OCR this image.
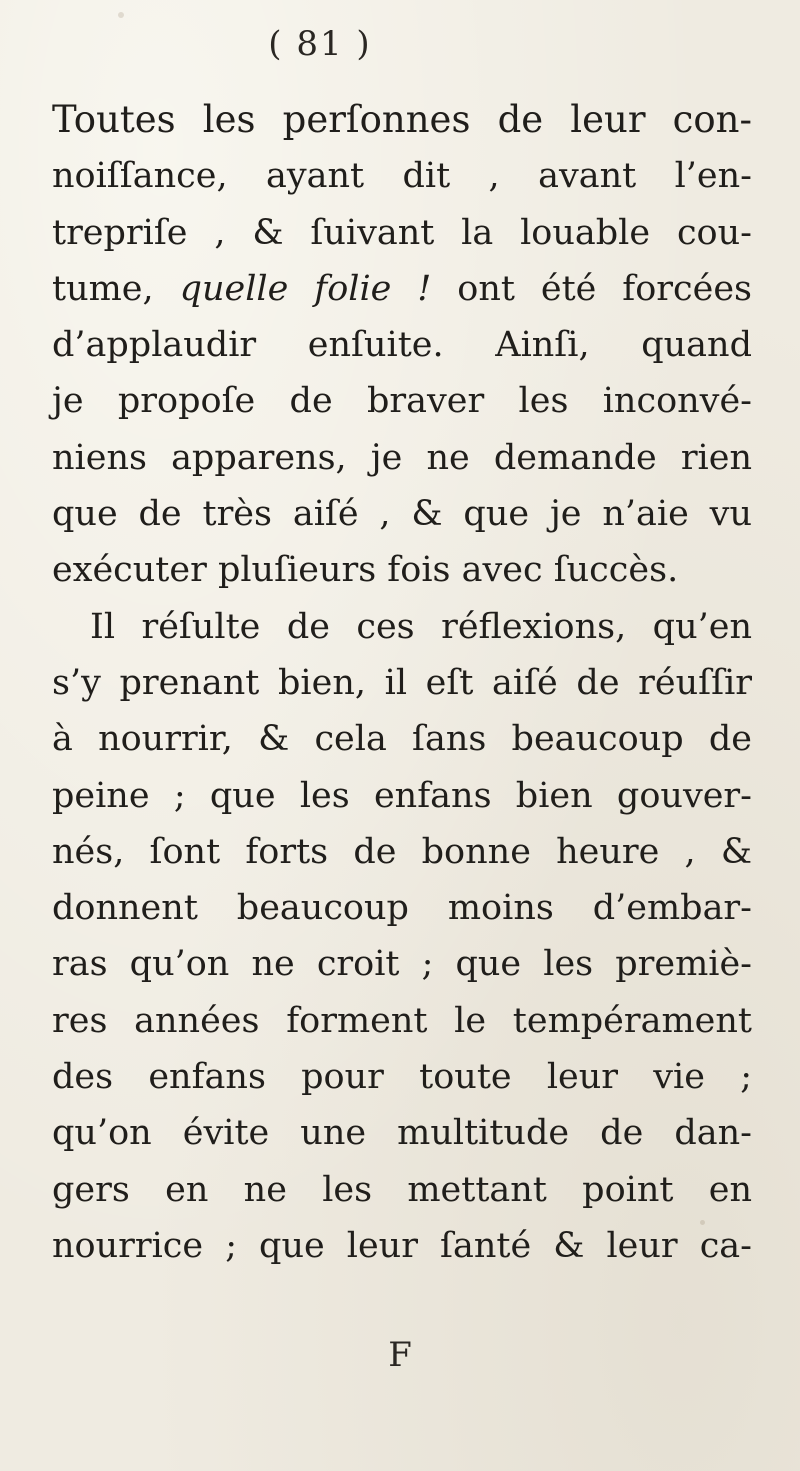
( 81 )
Toutes les perſonnes de leur con-
noiſſance, ayant dit , avant l’en-
trepriſe , & ſuivant la louable cou-
tume, quelle folie ! ont été forcées
d’applaudir enſuite. Ainſi, quand
je propoſe de braver les inconvé-
niens apparens, je ne demande rien
que de très aiſé , & que je n’aie vu
exécuter pluſieurs fois avec ſuccès.
Il réſulte de ces réflexions, qu’en
s’y prenant bien, il eſt aiſé de réuſſir
à nourrir, & cela ſans beaucoup de
peine ; que les enfans bien gouver-
nés, ſont forts de bonne heure , &
donnent beaucoup moins d’embar-
ras qu’on ne croit ; que les premiè-
res années forment le tempérament
des enfans pour toute leur vie ;
qu’on évite une multitude de dan-
gers en ne les mettant point en
nourrice ; que leur ſanté & leur ca-
F
